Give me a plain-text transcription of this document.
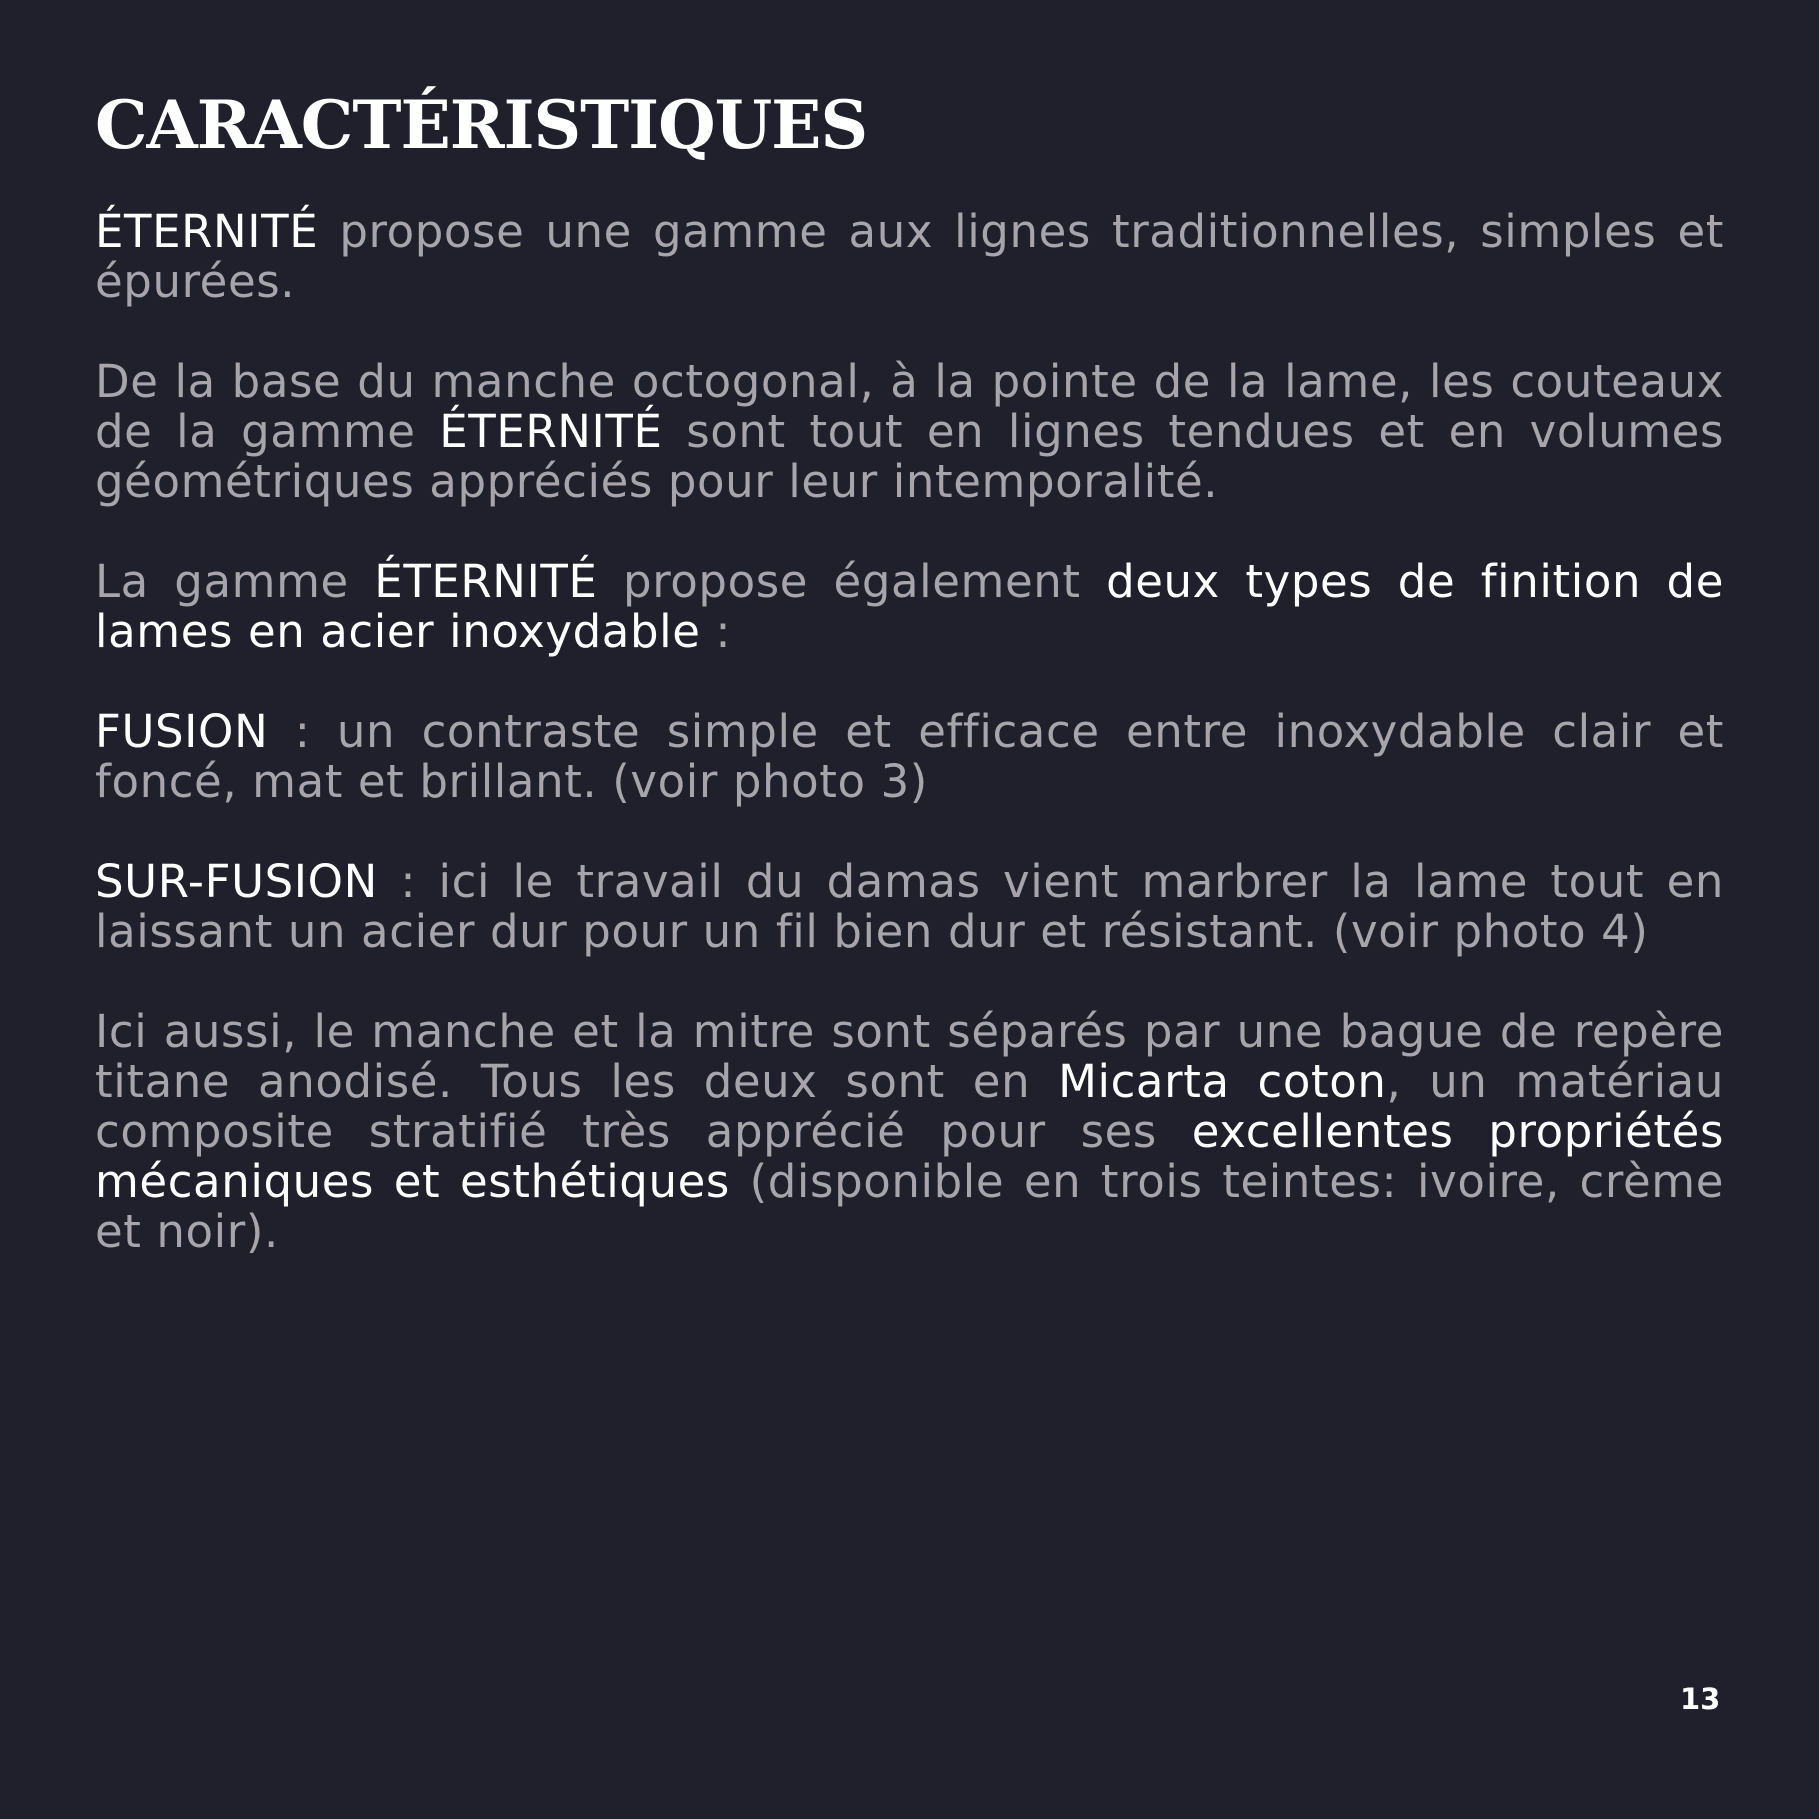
CARACTÉRISTIQUES

ÉTERNITÉ propose une gamme aux lignes traditionnelles, simples et épurées.

De la base du manche octogonal, à la pointe de la lame, les couteaux de la gamme ÉTERNITÉ sont tout en lignes tendues et en volumes géométriques appréciés pour leur intemporalité.

La gamme ÉTERNITÉ propose également deux types de finition de lames en acier inoxydable :

FUSION : un contraste simple et efficace entre inoxydable clair et foncé, mat et brillant. (voir photo 3)

SUR-FUSION : ici le travail du damas vient marbrer la lame tout en laissant un acier dur pour un fil bien dur et résistant. (voir photo 4)

Ici aussi, le manche et la mitre sont séparés par une bague de repère titane anodisé. Tous les deux sont en Micarta coton, un matériau composite stratifié très apprécié pour ses excellentes propriétés mécaniques et esthétiques (disponible en trois teintes: ivoire, crème et noir).

13
